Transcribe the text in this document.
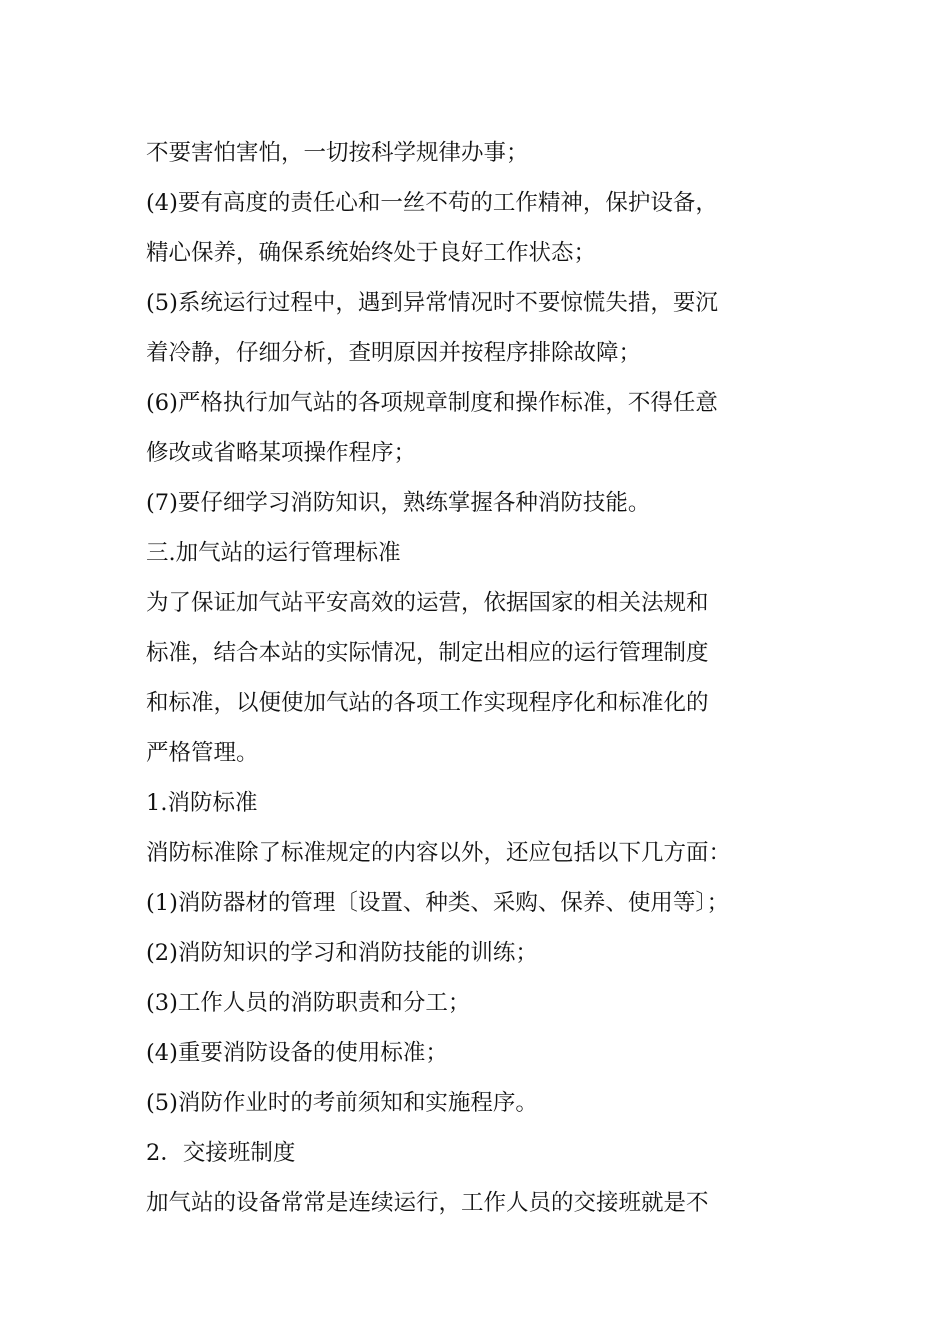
不要害怕害怕，一切按科学规律办事；
(4)要有高度的责任心和一丝不苟的工作精神，保护设备，
精心保养，确保系统始终处于良好工作状态；
(5)系统运行过程中，遇到异常情况时不要惊慌失措，要沉
着冷静，仔细分析，查明原因并按程序排除故障；
(6)严格执行加气站的各项规章制度和操作标准，不得任意
修改或省略某项操作程序；
(7)要仔细学习消防知识，熟练掌握各种消防技能。
三.加气站的运行管理标准
为了保证加气站平安高效的运营，依据国家的相关法规和
标准，结合本站的实际情况，制定出相应的运行管理制度
和标准，以便使加气站的各项工作实现程序化和标准化的
严格管理。
1.消防标准
消防标准除了标准规定的内容以外，还应包括以下几方面：
(1)消防器材的管理〔设置、种类、采购、保养、使用等〕；
(2)消防知识的学习和消防技能的训练；
(3)工作人员的消防职责和分工；
(4)重要消防设备的使用标准；
(5)消防作业时的考前须知和实施程序。
2．交接班制度
加气站的设备常常是连续运行，工作人员的交接班就是不
